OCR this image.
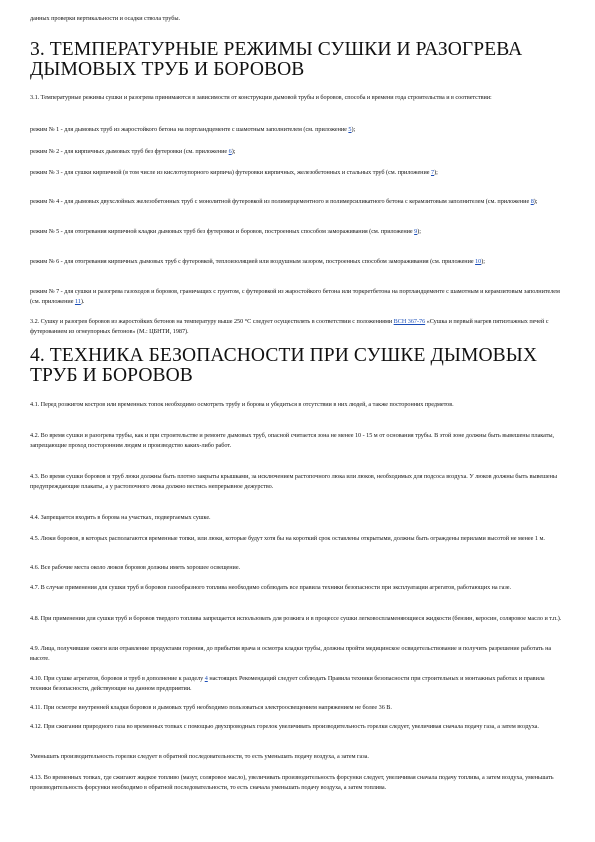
данных проверки вертикальности и осадки ствола трубы.

3. ТЕМПЕРАТУРНЫЕ РЕЖИМЫ СУШКИ И РАЗОГРЕВА ДЫМОВЫХ ТРУБ И БОРОВОВ

3.1. Температурные режимы сушки и разогрева принимаются в зависимости от конструкции дымовой трубы и боровов, способа и времени года строительства и в соответствии:

режим № 1 - для дымовых труб из жаростойкого бетона на портландцементе с шамотным заполнителем (см. приложение 5);

режим № 2 - для кирпичных дымовых труб без футеровки (см. приложение 6);

режим № 3 - для сушки кирпичной (в том числе из кислотоупорного кирпича) футеровки кирпичных, железобетонных и стальных труб (см. приложение 7);

режим № 4 - для дымовых двухслойных железобетонных труб с монолитной футеровкой из полимерцементного и полимерсиликатного бетона с керамзитовым заполнителем (см. приложение 8);

режим № 5 - для отогревания кирпичной кладки дымовых труб без футеровки и боровов, построенных способом замораживания (см. приложение 9);

режим № 6 - для отогревания кирпичных дымовых труб с футеровкой, теплоизоляцией или воздушным зазором, построенных способом замораживания (см. приложение 10);

режим № 7 - для сушки и разогрева газоходов и боровов, граничащих с грунтом, с футеровкой из жаростойкого бетона или торкретбетона на портландцементе с шамотным и керамзитовым заполнителем (см. приложение 11).

3.2. Сушку и разогрев боровов из жаростойких бетонов на температуру выше 250 °С следует осуществлять в соответствии с положениями ВСН 367-76 «Сушка и первый нагрев пятиэтажных печей с футерованием из огнеупорных бетонов» (М.: ЦБНТИ, 1987).

4. ТЕХНИКА БЕЗОПАСНОСТИ ПРИ СУШКЕ ДЫМОВЫХ ТРУБ И БОРОВОВ

4.1. Перед розжигом костров или временных топок необходимо осмотреть трубу и борова и убедиться в отсутствии в них людей, а также посторонних предметов.

4.2. Во время сушки и разогрева трубы, как и при строительстве и ремонте дымовых труб, опасной считается зона не менее 10 - 15 м от основания трубы. В этой зоне должны быть вывешены плакаты, запрещающие проход посторонним людям и производство каких-либо работ.

4.3. Во время сушки боровов и труб люки должны быть плотно закрыты крышками, за исключением растопочного люка или люков, необходимых для подсоса воздуха. У люков должны быть вывешены предупреждающие плакаты, а у растопочного люка должно вестись непрерывное дежурство.

4.4. Запрещается входить в борова на участках, подвергаемых сушке.

4.5. Люки боровов, в которых располагаются временные топки, или люки, которые будут хотя бы на короткий срок оставлены открытыми, должны быть ограждены перилами высотой не менее 1 м.

4.6. Все рабочие места около люков боровов должны иметь хорошее освещение.

4.7. В случае применения для сушки труб и боровов газообразного топлива необходимо соблюдать все правила техники безопасности при эксплуатации агрегатов, работающих на газе.

4.8. При применении для сушки труб и боровов твердого топлива запрещается использовать для розжига и в процессе сушки легковоспламеняющиеся жидкости (бензин, керосин, соляровое масло и т.п.).

4.9. Лица, получившие ожоги или отравление продуктами горения, до прибытия врача и осмотра кладки трубы, должны пройти медицинское освидетельствование и получить разрешение работать на высоте.

4.10. При сушке агрегатов, боровов и труб в дополнение к разделу 4 настоящих Рекомендаций следует соблюдать Правила техники безопасности при строительных и монтажных работах и правила техники безопасности, действующие на данном предприятии.

4.11. При осмотре внутренней кладки боровов и дымовых труб необходимо пользоваться электроосвещением напряжением не более 36 В.

4.12. При сжигании природного газа во временных топках с помощью двухпроводных горелок увеличивать производительность горелки следует, увеличивая сначала подачу газа, а затем воздуха.

Уменьшать производительность горелки следует в обратной последовательности, то есть уменьшать подачу воздуха, а затем газа.

4.13. Во временных топках, где сжигают жидкое топливо (мазут, соляровое масло), увеличивать производительность форсунки следует, увеличивая сначала подачу топлива, а затем воздуха, уменьшать производительность форсунки необходимо в обратной последовательности, то есть сначала уменьшать подачу воздуха, а затем топлива.
